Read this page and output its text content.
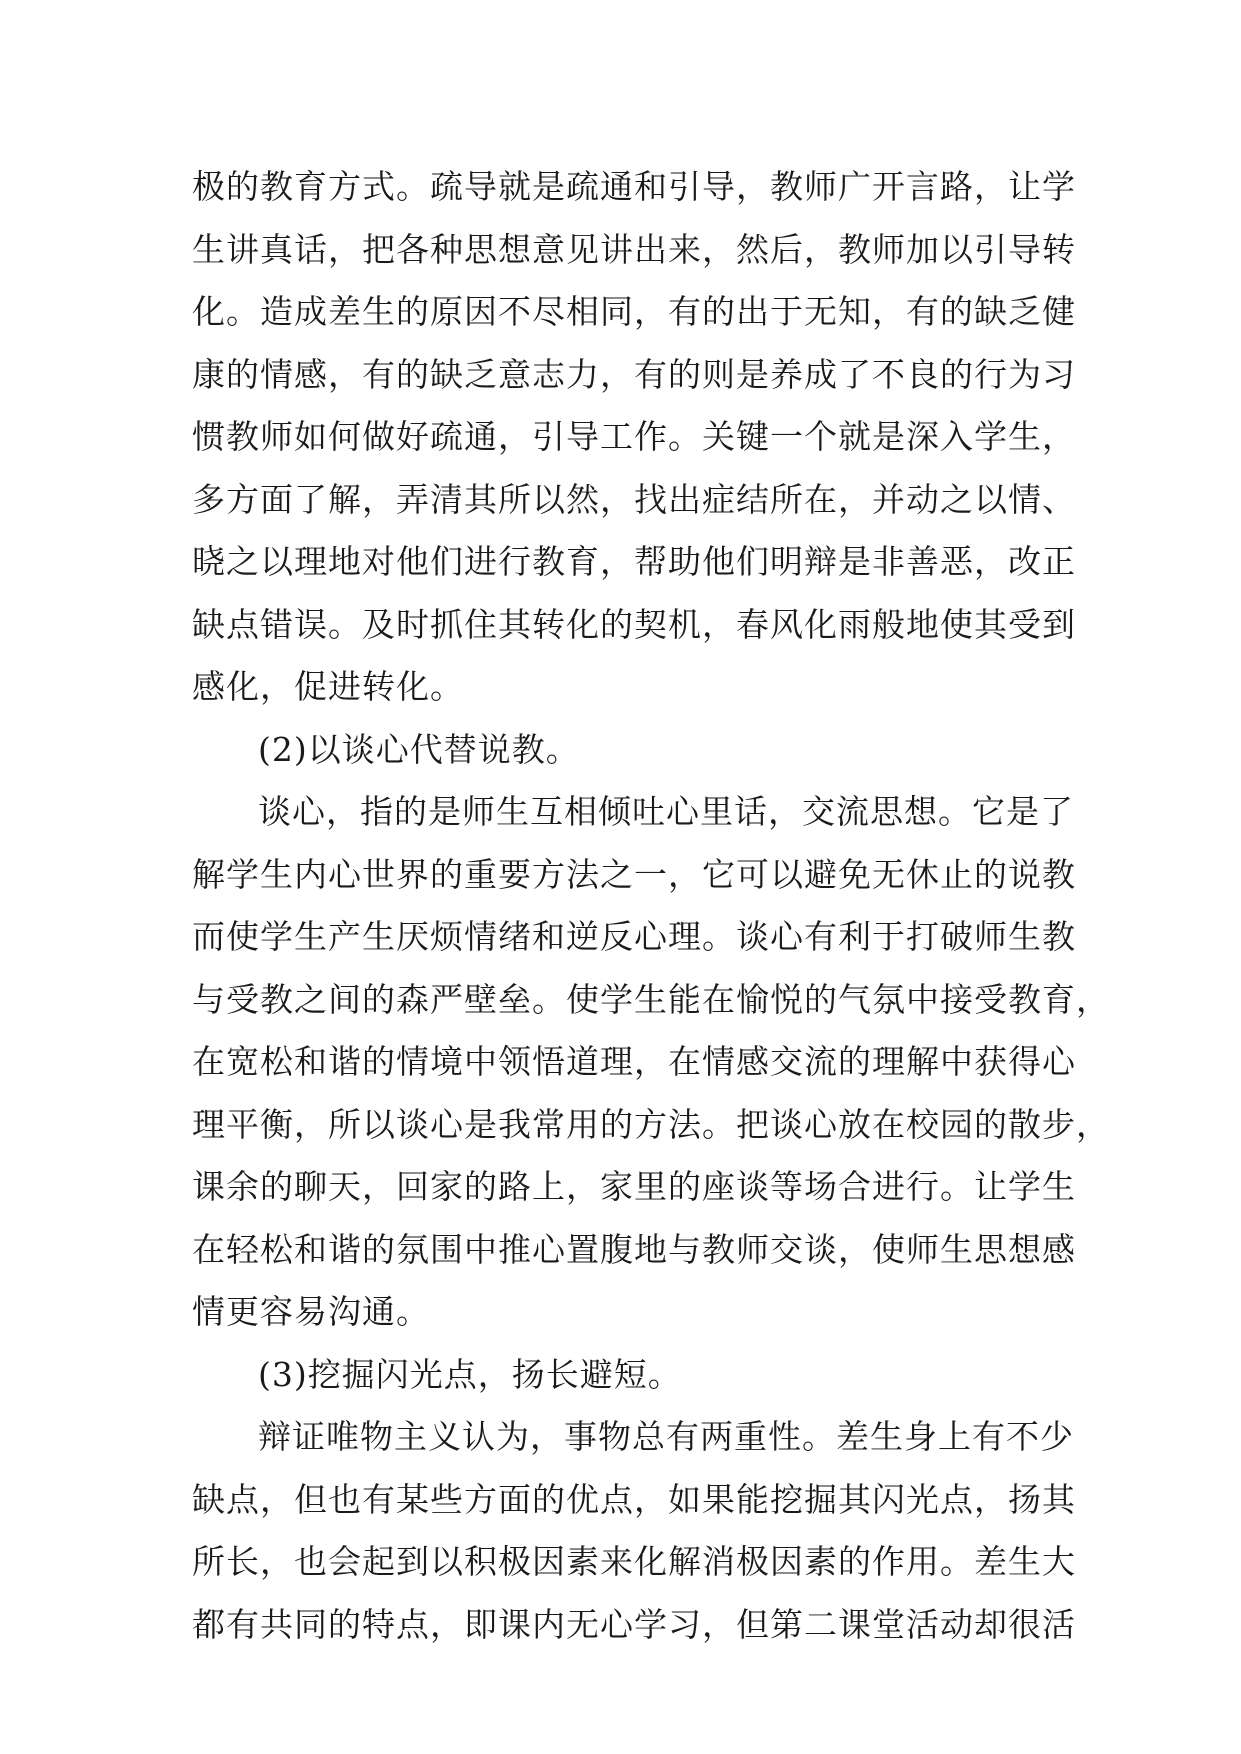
极的教育方式。疏导就是疏通和引导，教师广开言路，让学
生讲真话，把各种思想意见讲出来，然后，教师加以引导转
化。造成差生的原因不尽相同，有的出于无知，有的缺乏健
康的情感，有的缺乏意志力，有的则是养成了不良的行为习
惯教师如何做好疏通，引导工作。关键一个就是深入学生，
多方面了解，弄清其所以然，找出症结所在，并动之以情、
晓之以理地对他们进行教育，帮助他们明辩是非善恶，改正
缺点错误。及时抓住其转化的契机，春风化雨般地使其受到
感化，促进转化。
(2)以谈心代替说教。
谈心，指的是师生互相倾吐心里话，交流思想。它是了
解学生内心世界的重要方法之一，它可以避免无休止的说教
而使学生产生厌烦情绪和逆反心理。谈心有利于打破师生教
与受教之间的森严壁垒。使学生能在愉悦的气氛中接受教育，
在宽松和谐的情境中领悟道理，在情感交流的理解中获得心
理平衡，所以谈心是我常用的方法。把谈心放在校园的散步，
课余的聊天，回家的路上，家里的座谈等场合进行。让学生
在轻松和谐的氛围中推心置腹地与教师交谈，使师生思想感
情更容易沟通。
(3)挖掘闪光点，扬长避短。
辩证唯物主义认为，事物总有两重性。差生身上有不少
缺点，但也有某些方面的优点，如果能挖掘其闪光点，扬其
所长，也会起到以积极因素来化解消极因素的作用。差生大
都有共同的特点，即课内无心学习，但第二课堂活动却很活
